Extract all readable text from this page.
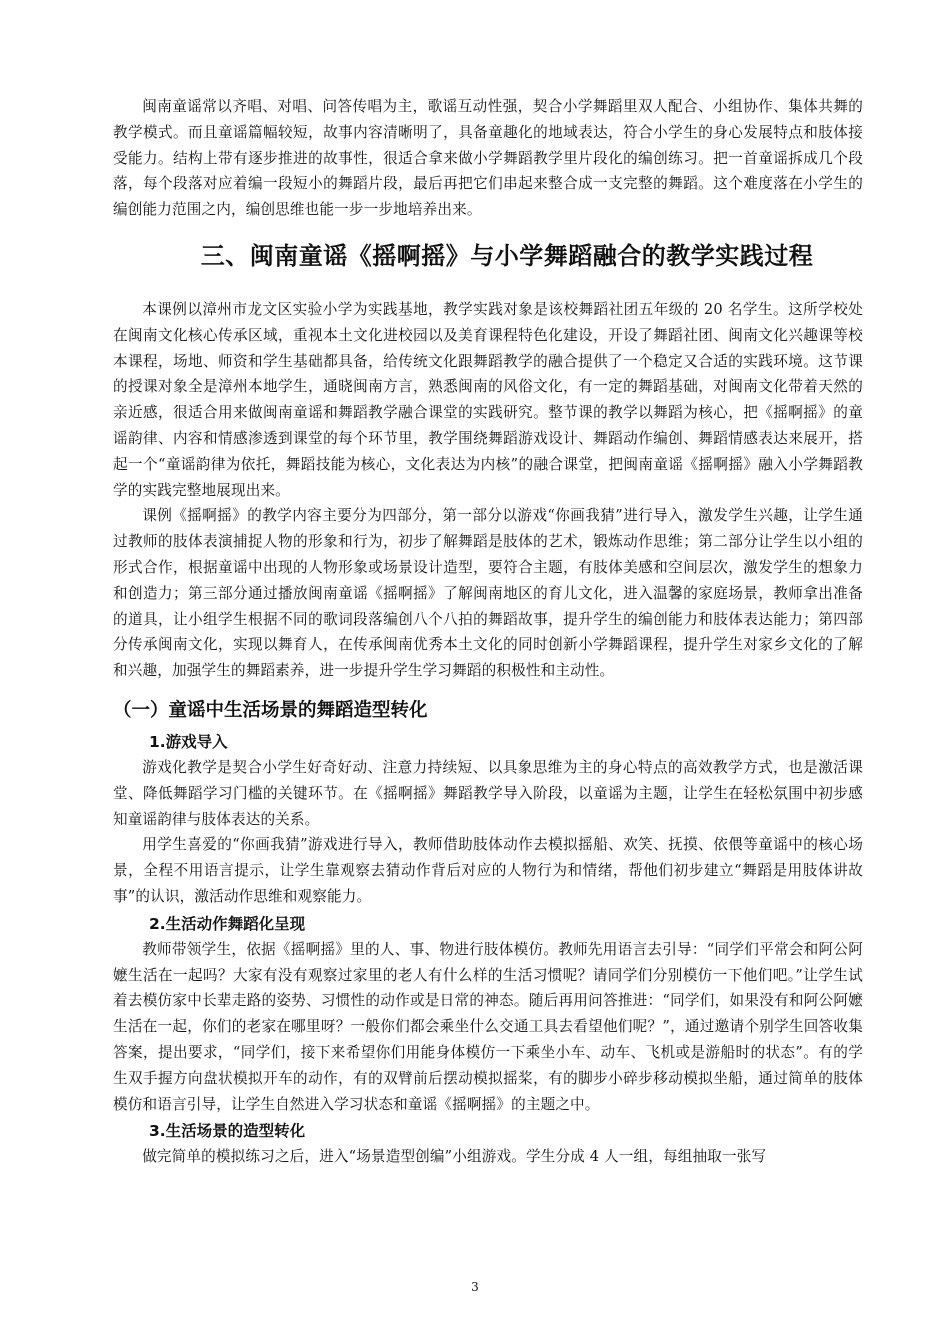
闽南童谣常以齐唱、对唱、问答传唱为主，歌谣互动性强，契合小学舞蹈里双人配合、小组协作、集体共舞的教学模式。而且童谣篇幅较短，故事内容清晰明了，具备童趣化的地域表达，符合小学生的身心发展特点和肢体接受能力。结构上带有逐步推进的故事性，很适合拿来做小学舞蹈教学里片段化的编创练习。把一首童谣拆成几个段落，每个段落对应着编一段短小的舞蹈片段，最后再把它们串起来整合成一支完整的舞蹈。这个难度落在小学生的编创能力范围之内，编创思维也能一步一步地培养出来。

三、闽南童谣《摇啊摇》与小学舞蹈融合的教学实践过程

本课例以漳州市龙文区实验小学为实践基地，教学实践对象是该校舞蹈社团五年级的 20 名学生。这所学校处在闽南文化核心传承区域，重视本土文化进校园以及美育课程特色化建设，开设了舞蹈社团、闽南文化兴趣课等校本课程，场地、师资和学生基础都具备，给传统文化跟舞蹈教学的融合提供了一个稳定又合适的实践环境。这节课的授课对象全是漳州本地学生，通晓闽南方言，熟悉闽南的风俗文化，有一定的舞蹈基础，对闽南文化带着天然的亲近感，很适合用来做闽南童谣和舞蹈教学融合课堂的实践研究。整节课的教学以舞蹈为核心，把《摇啊摇》的童谣韵律、内容和情感渗透到课堂的每个环节里，教学围绕舞蹈游戏设计、舞蹈动作编创、舞蹈情感表达来展开，搭起一个“童谣韵律为依托，舞蹈技能为核心，文化表达为内核”的融合课堂，把闽南童谣《摇啊摇》融入小学舞蹈教学的实践完整地展现出来。

课例《摇啊摇》的教学内容主要分为四部分，第一部分以游戏“你画我猜”进行导入，激发学生兴趣，让学生通过教师的肢体表演捕捉人物的形象和行为，初步了解舞蹈是肢体的艺术，锻炼动作思维；第二部分让学生以小组的形式合作，根据童谣中出现的人物形象或场景设计造型，要符合主题，有肢体美感和空间层次，激发学生的想象力和创造力；第三部分通过播放闽南童谣《摇啊摇》了解闽南地区的育儿文化，进入温馨的家庭场景，教师拿出准备的道具，让小组学生根据不同的歌词段落编创八个八拍的舞蹈故事，提升学生的编创能力和肢体表达能力；第四部分传承闽南文化，实现以舞育人，在传承闽南优秀本土文化的同时创新小学舞蹈课程，提升学生对家乡文化的了解和兴趣，加强学生的舞蹈素养，进一步提升学生学习舞蹈的积极性和主动性。

（一）童谣中生活场景的舞蹈造型转化
1.游戏导入

游戏化教学是契合小学生好奇好动、注意力持续短、以具象思维为主的身心特点的高效教学方式，也是激活课堂、降低舞蹈学习门槛的关键环节。在《摇啊摇》舞蹈教学导入阶段，以童谣为主题，让学生在轻松氛围中初步感知童谣韵律与肢体表达的关系。

用学生喜爱的“你画我猜”游戏进行导入，教师借助肢体动作去模拟摇船、欢笑、抚摸、依偎等童谣中的核心场景，全程不用语言提示，让学生靠观察去猜动作背后对应的人物行为和情绪，帮他们初步建立“舞蹈是用肢体讲故事”的认识，激活动作思维和观察能力。

2.生活动作舞蹈化呈现

教师带领学生，依据《摇啊摇》里的人、事、物进行肢体模仿。教师先用语言去引导：“同学们平常会和阿公阿嬷生活在一起吗？大家有没有观察过家里的老人有什么样的生活习惯呢？请同学们分别模仿一下他们吧。”让学生试着去模仿家中长辈走路的姿势、习惯性的动作或是日常的神态。随后再用问答推进：“同学们，如果没有和阿公阿嬷生活在一起，你们的老家在哪里呀？一般你们都会乘坐什么交通工具去看望他们呢？”，通过邀请个别学生回答收集答案，提出要求，“同学们，接下来希望你们用能身体模仿一下乘坐小车、动车、飞机或是游船时的状态”。有的学生双手握方向盘状模拟开车的动作，有的双臂前后摆动模拟摇桨，有的脚步小碎步移动模拟坐船，通过简单的肢体模仿和语言引导，让学生自然进入学习状态和童谣《摇啊摇》的主题之中。

3.生活场景的造型转化

做完简单的模拟练习之后，进入“场景造型创编”小组游戏。学生分成 4 人一组，每组抽取一张写

3
